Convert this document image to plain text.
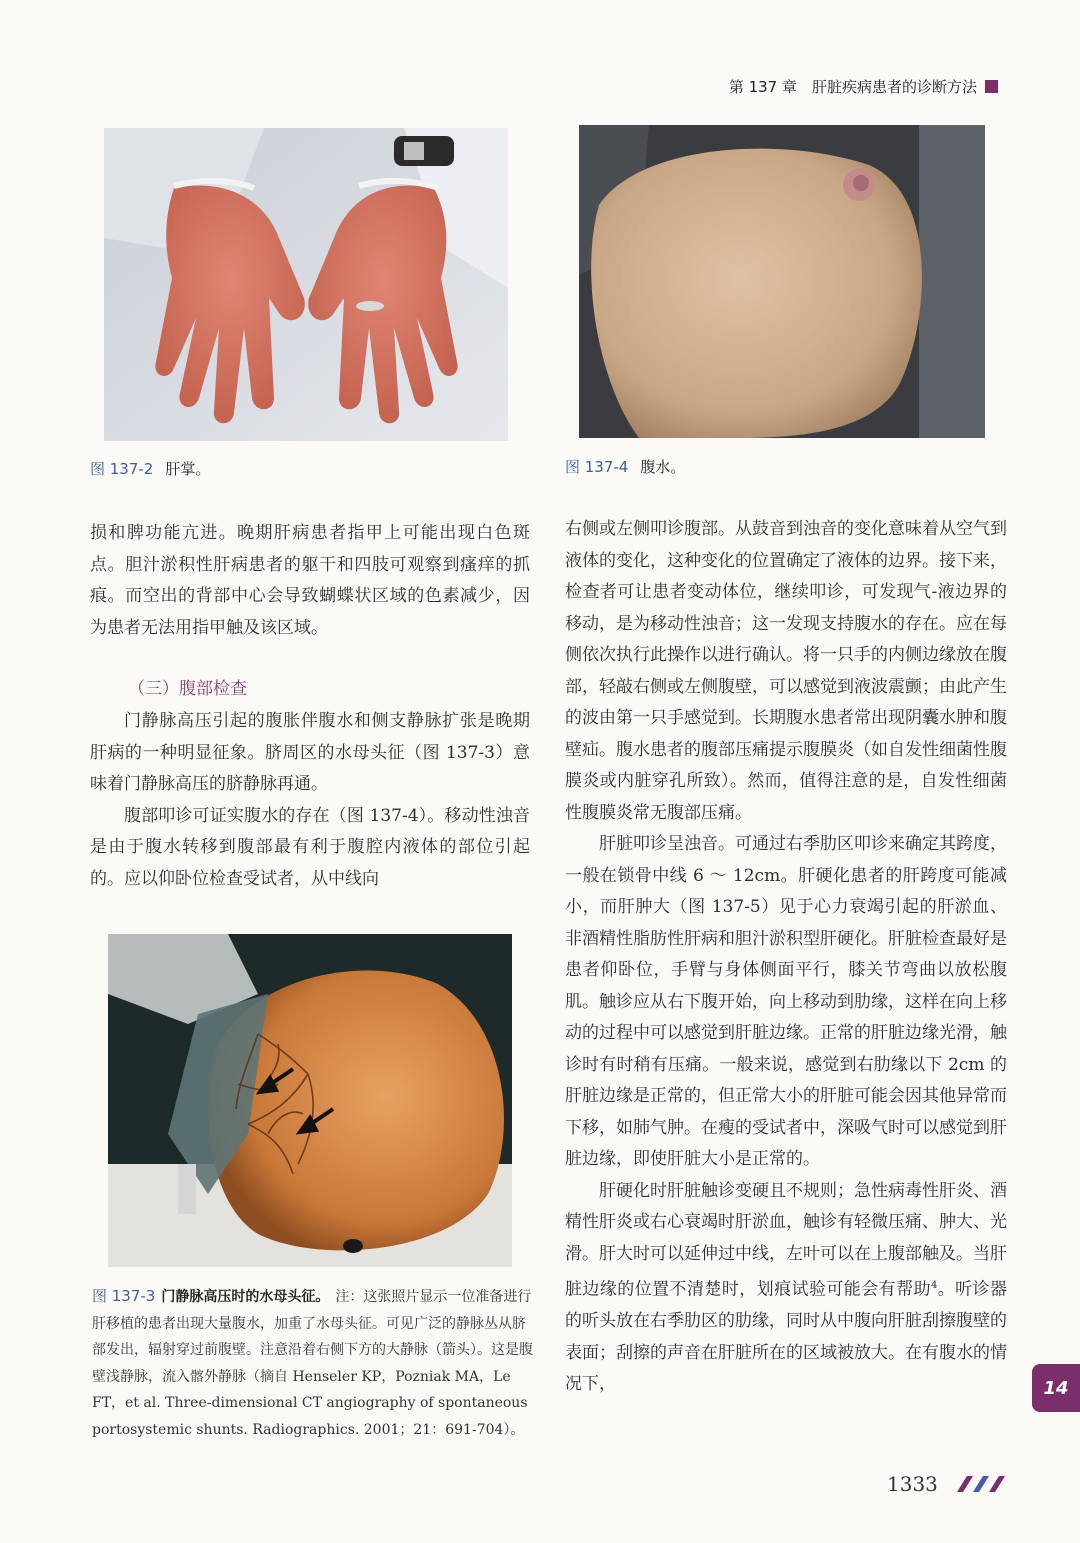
第 137 章　肝脏疾病患者的诊断方法
图 137-2 肝掌。	图 137-4 腹水。

损和脾功能亢进。晚期肝病患者指甲上可能出现白色斑点。胆汁淤积性肝病患者的躯干和四肢可观察到瘙痒的抓痕。而空出的背部中心会导致蝴蝶状区域的色素减少，因为患者无法用指甲触及该区域。

（三）腹部检查

门静脉高压引起的腹胀伴腹水和侧支静脉扩张是晚期肝病的一种明显征象。脐周区的水母头征（图 137-3）意味着门静脉高压的脐静脉再通。

腹部叩诊可证实腹水的存在（图 137-4）。移动性浊音是由于腹水转移到腹部最有利于腹腔内液体的部位引起的。应以仰卧位检查受试者，从中线向

图 137-3 门静脉高压时的水母头征。 注：这张照片显示一位准备进行肝移植的患者出现大量腹水，加重了水母头征。可见广泛的静脉丛从脐部发出，辐射穿过前腹壁。注意沿着右侧下方的大静脉（箭头）。这是腹壁浅静脉，流入髂外静脉（摘自 Henseler KP，Pozniak MA，Le FT，et al. Three-dimensional CT angiography of spontaneous portosystemic shunts. Radiographics. 2001；21：691-704）。

右侧或左侧叩诊腹部。从鼓音到浊音的变化意味着从空气到液体的变化，这种变化的位置确定了液体的边界。接下来，检查者可让患者变动体位，继续叩诊，可发现气-液边界的移动，是为移动性浊音；这一发现支持腹水的存在。应在每侧依次执行此操作以进行确认。将一只手的内侧边缘放在腹部，轻敲右侧或左侧腹壁，可以感觉到液波震颤；由此产生的波由第一只手感觉到。长期腹水患者常出现阴囊水肿和腹壁疝。腹水患者的腹部压痛提示腹膜炎（如自发性细菌性腹膜炎或内脏穿孔所致）。然而，值得注意的是，自发性细菌性腹膜炎常无腹部压痛。

肝脏叩诊呈浊音。可通过右季肋区叩诊来确定其跨度，一般在锁骨中线 6 ～ 12cm。肝硬化患者的肝跨度可能减小，而肝肿大（图 137-5）见于心力衰竭引起的肝淤血、非酒精性脂肪性肝病和胆汁淤积型肝硬化。肝脏检查最好是患者仰卧位，手臂与身体侧面平行，膝关节弯曲以放松腹肌。触诊应从右下腹开始，向上移动到肋缘，这样在向上移动的过程中可以感觉到肝脏边缘。正常的肝脏边缘光滑，触诊时有时稍有压痛。一般来说，感觉到右肋缘以下 2cm 的肝脏边缘是正常的，但正常大小的肝脏可能会因其他异常而下移，如肺气肿。在瘦的受试者中，深吸气时可以感觉到肝脏边缘，即使肝脏大小是正常的。

肝硬化时肝脏触诊变硬且不规则；急性病毒性肝炎、酒精性肝炎或右心衰竭时肝淤血，触诊有轻微压痛、肿大、光滑。肝大时可以延伸过中线，左叶可以在上腹部触及。当肝脏边缘的位置不清楚时，划痕试验可能会有帮助$^4$。听诊器的听头放在右季肋区的肋缘，同时从中腹向肝脏刮擦腹壁的表面；刮擦的声音在肝脏所在的区域被放大。在有腹水的情况下，	14
1333
